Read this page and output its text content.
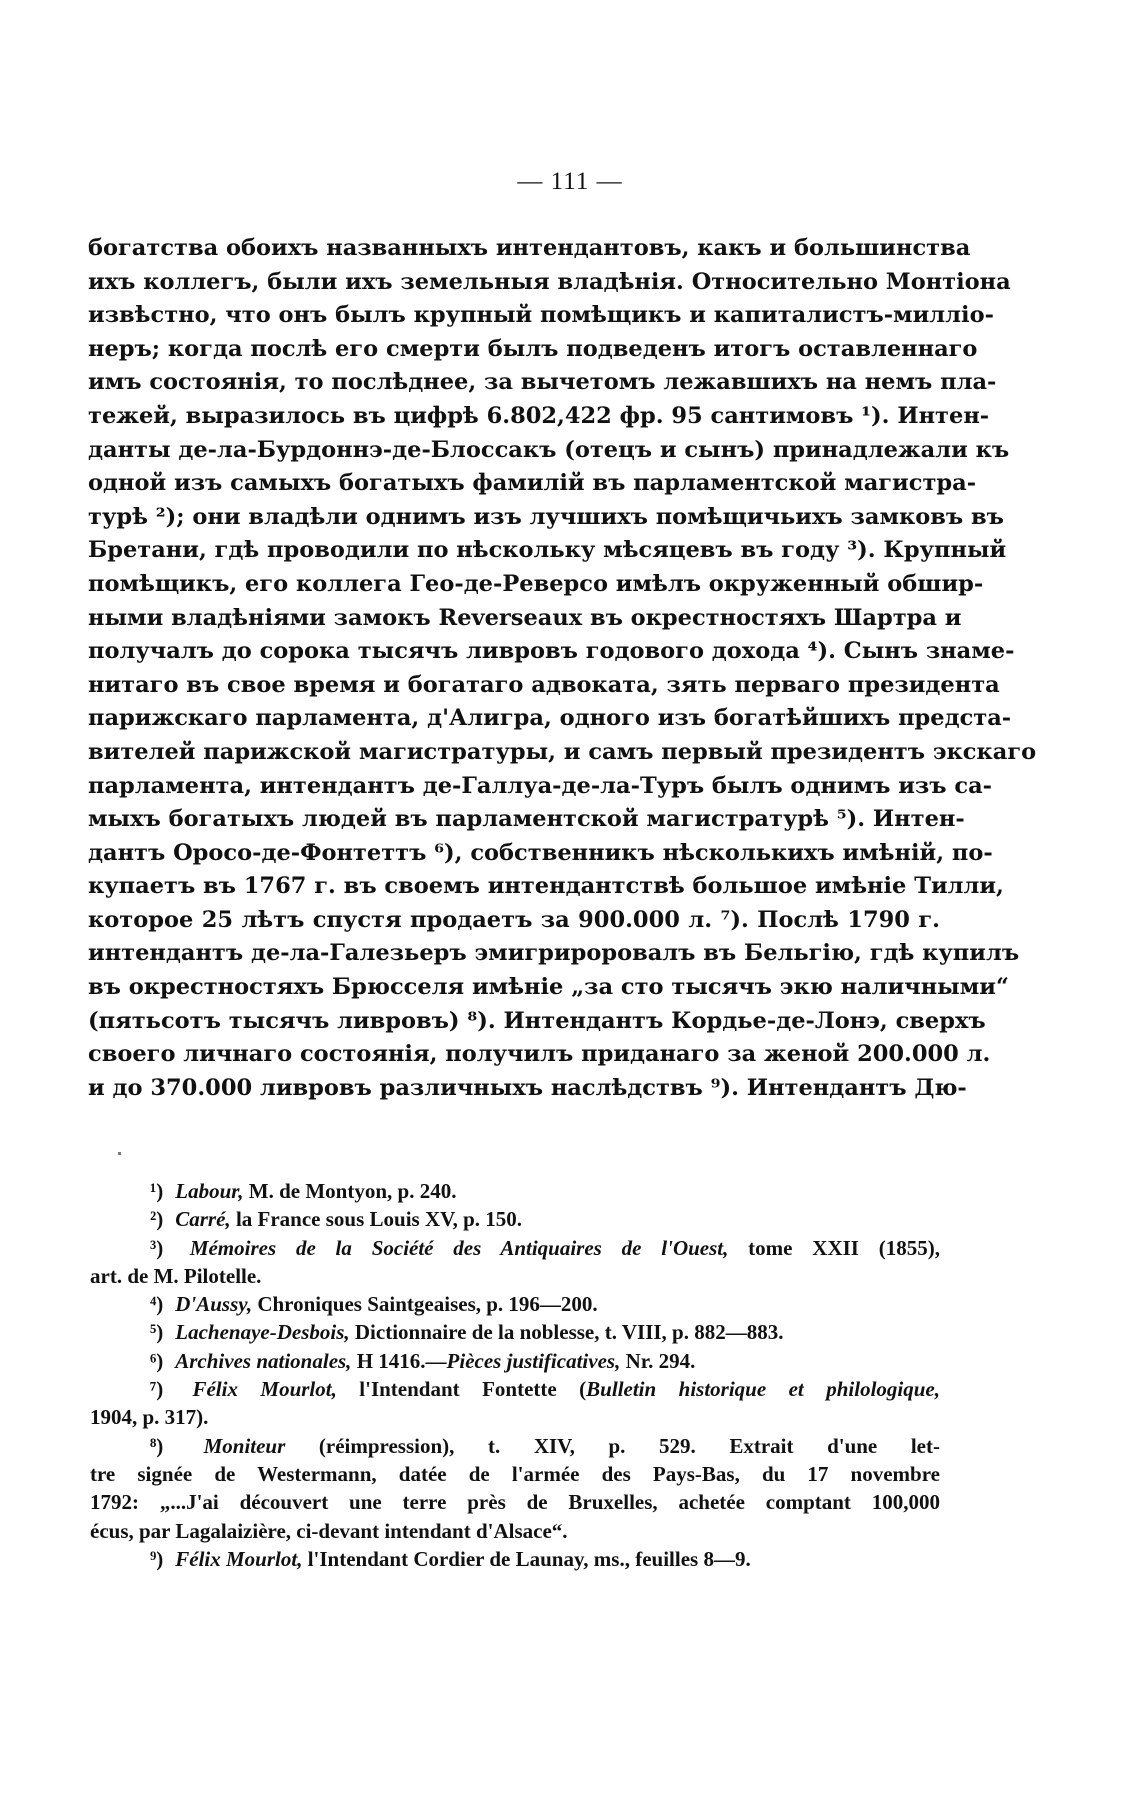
— 111 —
богатства обоихъ названныхъ интендантовъ, какъ и большинства
ихъ коллегъ, были ихъ земельныя владѣнія. Относительно Монтіона
извѣстно, что онъ былъ крупный помѣщикъ и капиталистъ-милліо-
неръ; когда послѣ его смерти былъ подведенъ итогъ оставленнаго
имъ состоянія, то послѣднее, за вычетомъ лежавшихъ на немъ пла-
тежей, выразилось въ цифрѣ 6.802,422 фр. 95 сантимовъ ¹). Интен-
данты де-ла-Бурдоннэ-де-Блоссакъ (отецъ и сынъ) принадлежали къ
одной изъ самыхъ богатыхъ фамилій въ парламентской магистра-
турѣ ²); они владѣли однимъ изъ лучшихъ помѣщичьихъ замковъ въ
Бретани, гдѣ проводили по нѣскольку мѣсяцевъ въ году ³). Крупный
помѣщикъ, его коллега Гео-де-Реверсо имѣлъ окруженный обшир-
ными владѣніями замокъ Reverseaux въ окрестностяхъ Шартра и
получалъ до сорока тысячъ ливровъ годового дохода ⁴). Сынъ знаме-
нитаго въ свое время и богатаго адвоката, зять перваго президента
парижскаго парламента, д'Алигра, одного изъ богатѣйшихъ предста-
вителей парижской магистратуры, и самъ первый президентъ экскаго
парламента, интендантъ де-Галлуа-де-ла-Туръ былъ однимъ изъ са-
мыхъ богатыхъ людей въ парламентской магистратурѣ ⁵). Интен-
дантъ Оросо-де-Фонтеттъ ⁶), собственникъ нѣсколькихъ имѣній, по-
купаетъ въ 1767 г. въ своемъ интендантствѣ большое имѣніе Тилли,
которое 25 лѣтъ спустя продаетъ за 900.000 л. ⁷). Послѣ 1790 г.
интендантъ де-ла-Галезьеръ эмигрироровалъ въ Бельгію, гдѣ купилъ
въ окрестностяхъ Брюсселя имѣніе „за сто тысячъ экю наличными“
(пятьсотъ тысячъ ливровъ) ⁸). Интендантъ Кордье-де-Лонэ, сверхъ
своего личнаго состоянія, получилъ приданаго за женой 200.000 л.
и до 370.000 ливровъ различныхъ наслѣдствъ ⁹). Интендантъ Дю-
¹) Labour, M. de Montyon, p. 240.
²) Carré, la France sous Louis XV, p. 150.
³) Mémoires de la Société des Antiquaires de l'Ouest, tome XXII (1855),
art. de M. Pilotelle.
⁴) D'Aussy, Chroniques Saintgeaises, p. 196—200.
⁵) Lachenaye-Desbois, Dictionnaire de la noblesse, t. VIII, p. 882—883.
⁶) Archives nationales, H 1416.—Pièces justificatives, Nr. 294.
⁷) Félix Mourlot, l'Intendant Fontette (Bulletin historique et philologique,
1904, p. 317).
⁸) Moniteur (réimpression), t. XIV, p. 529. Extrait d'une let-
tre signée de Westermann, datée de l'armée des Pays-Bas, du 17 novembre
1792: „...J'ai découvert une terre près de Bruxelles, achetée comptant 100,000
écus, par Lagalaizière, ci-devant intendant d'Alsace“.
⁹) Félix Mourlot, l'Intendant Cordier de Launay, ms., feuilles 8—9.
